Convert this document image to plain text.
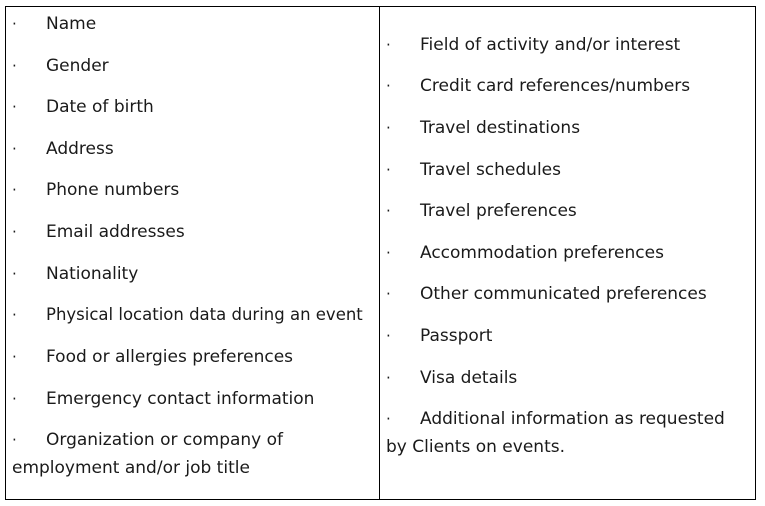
· Name
· Gender
· Date of birth
· Address
· Phone numbers
· Email addresses
· Nationality
· Physical location data during an event
· Food or allergies preferences
· Emergency contact information
· Organization or company of employment and/or job title
· Field of activity and/or interest
· Credit card references/numbers
· Travel destinations
· Travel schedules
· Travel preferences
· Accommodation preferences
· Other communicated preferences
· Passport
· Visa details
· Additional information as requested by Clients on events.
